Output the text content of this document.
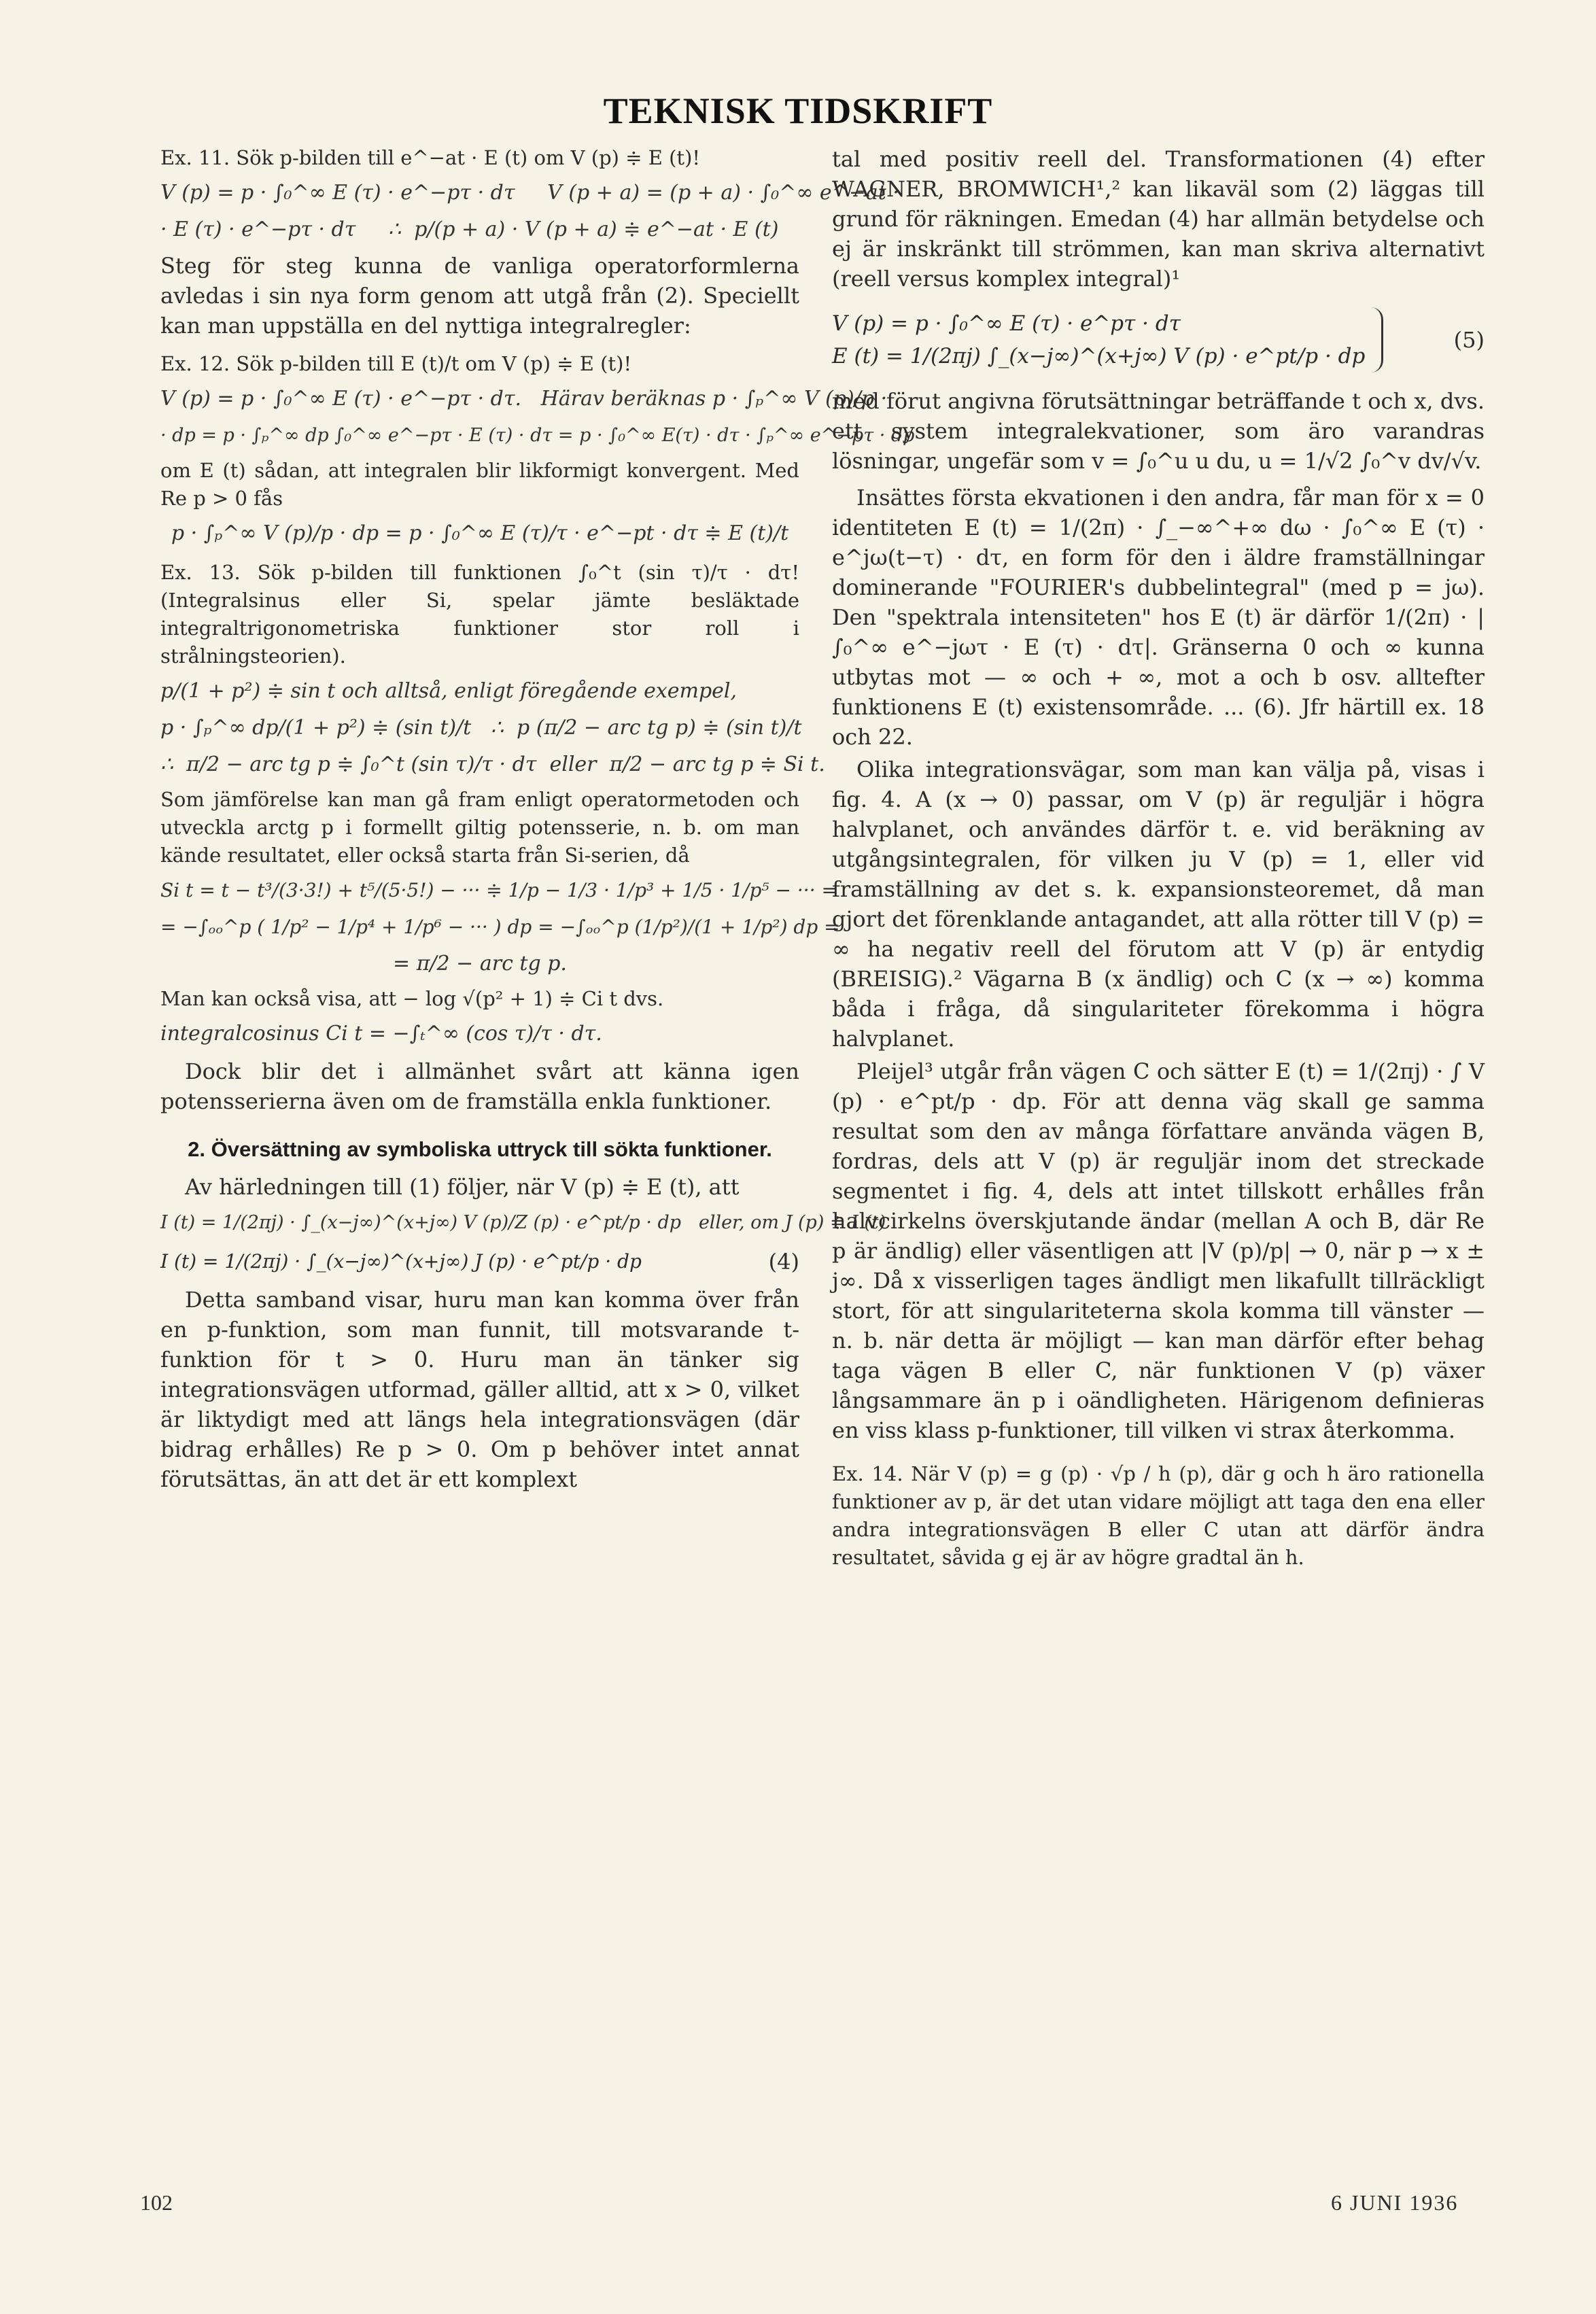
TEKNISK TIDSKRIFT

Ex. 11. Sök p-bilden till e^−at · E (t) om V (p) ≑ E (t)!

V (p) = p · ∫₀^∞ E (τ) · e^−pτ · dτ     V (p + a) = (p + a) · ∫₀^∞ e^−at ·
· E (τ) · e^−pτ · dτ     ∴  p/(p + a) · V (p + a) ≑ e^−at · E (t)

Steg för steg kunna de vanliga operatorformlerna avledas i sin nya form genom att utgå från (2). Speciellt kan man uppställa en del nyttiga integralregler:

Ex. 12. Sök p-bilden till E (t)/t om V (p) ≑ E (t)!

V (p) = p · ∫₀^∞ E (τ) · e^−pτ · dτ.   Härav beräknas p · ∫ₚ^∞ V (p)/p ·
· dp = p · ∫ₚ^∞ dp ∫₀^∞ e^−pτ · E (τ) · dτ = p · ∫₀^∞ E(τ) · dτ · ∫ₚ^∞ e^−pτ · dp

om E (t) sådan, att integralen blir likformigt konvergent. Med Re p > 0 fås

p · ∫ₚ^∞ V (p)/p · dp = p · ∫₀^∞ E (τ)/τ · e^−pt · dτ ≑ E (t)/t

Ex. 13. Sök p-bilden till funktionen ∫₀^t (sin τ)/τ · dτ! (Integralsinus eller Si, spelar jämte besläktade integraltrigonometriska funktioner stor roll i strålningsteorien).

p/(1 + p²) ≑ sin t och alltså, enligt föregående exempel,
p · ∫ₚ^∞ dp/(1 + p²) ≑ (sin t)/t   ∴  p (π/2 − arc tg p) ≑ (sin t)/t
∴  π/2 − arc tg p ≑ ∫₀^t (sin τ)/τ · dτ  eller  π/2 − arc tg p ≑ Si t.

Som jämförelse kan man gå fram enligt operatormetoden och utveckla arctg p i formellt giltig potensserie, n. b. om man kände resultatet, eller också starta från Si-serien, då

Si t = t − t³/(3·3!) + t⁵/(5·5!) − ··· ≑ 1/p − 1/3 · 1/p³ + 1/5 · 1/p⁵ − ··· =
= −∫ₒₒ^p ( 1/p² − 1/p⁴ + 1/p⁶ − ··· ) dp = −∫ₒₒ^p (1/p²)/(1 + 1/p²) dp =
= π/2 − arc tg p.

Man kan också visa, att − log √(p² + 1) ≑ Ci t dvs.

integralcosinus Ci t = −∫ₜ^∞ (cos τ)/τ · dτ.

Dock blir det i allmänhet svårt att känna igen potensserierna även om de framställa enkla funktioner.

2. Översättning av symboliska uttryck till sökta funktioner.

Av härledningen till (1) följer, när V (p) ≑ E (t), att

I (t) = 1/(2πj) · ∫_(x−j∞)^(x+j∞) V (p)/Z (p) · e^pt/p · dp   eller, om J (p) ≑ I (t)
I (t) = 1/(2πj) · ∫_(x−j∞)^(x+j∞) J (p) · e^pt/p · dp	(4)

Detta samband visar, huru man kan komma över från en p-funktion, som man funnit, till motsvarande t-funktion för t > 0. Huru man än tänker sig integrationsvägen utformad, gäller alltid, att x > 0, vilket är liktydigt med att längs hela integrationsvägen (där bidrag erhålles) Re p > 0. Om p behöver intet annat förutsättas, än att det är ett komplext

tal med positiv reell del. Transformationen (4) efter WAGNER, BROMWICH¹,² kan likaväl som (2) läggas till grund för räkningen. Emedan (4) har allmän betydelse och ej är inskränkt till strömmen, kan man skriva alternativt (reell versus komplex integral)¹

V (p) = p · ∫₀^∞ E (τ) · e^pτ · dτ
E (t) = 1/(2πj) ∫_(x−j∞)^(x+j∞) V (p) · e^pt/p · dp
(5)

med förut angivna förutsättningar beträffande t och x, dvs. ett system integralekvationer, som äro varandras lösningar, ungefär som v = ∫₀^u u du, u = 1/√2 ∫₀^v dv/√v.

Insättes första ekvationen i den andra, får man för x = 0 identiteten E (t) = 1/(2π) · ∫_−∞^+∞ dω · ∫₀^∞ E (τ) · e^jω(t−τ) · dτ, en form för den i äldre framställningar dominerande "FOURIER's dubbelintegral" (med p = jω). Den "spektrala intensiteten" hos E (t) är därför 1/(2π) · |∫₀^∞ e^−jωτ · E (τ) · dτ|. Gränserna 0 och ∞ kunna utbytas mot — ∞ och + ∞, mot a och b osv. alltefter funktionens E (t) existensområde. ... (6). Jfr härtill ex. 18 och 22.

Olika integrationsvägar, som man kan välja på, visas i fig. 4. A (x → 0) passar, om V (p) är reguljär i högra halvplanet, och användes därför t. e. vid beräkning av utgångsintegralen, för vilken ju V (p) = 1, eller vid framställning av det s. k. expansionsteoremet, då man gjort det förenklande antagandet, att alla rötter till V (p) = ∞ ha negativ reell del förutom att V (p) är entydig (BREISIG).² Vägarna B (x ändlig) och C (x → ∞) komma båda i fråga, då singulariteter förekomma i högra halvplanet.

Pleijel³ utgår från vägen C och sätter E (t) = 1/(2πj) · ∫ V (p) · e^pt/p · dp. För att denna väg skall ge samma resultat som den av många författare använda vägen B, fordras, dels att V (p) är reguljär inom det streckade segmentet i fig. 4, dels att intet tillskott erhålles från halvcirkelns överskjutande ändar (mellan A och B, där Re p är ändlig) eller väsentligen att |V (p)/p| → 0, när p → x ± j∞. Då x visserligen tages ändligt men likafullt tillräckligt stort, för att singulariteterna skola komma till vänster — n. b. när detta är möjligt — kan man därför efter behag taga vägen B eller C, när funktionen V (p) växer långsammare än p i oändligheten. Härigenom definieras en viss klass p-funktioner, till vilken vi strax återkomma.

Ex. 14. När V (p) = g (p) · √p / h (p), där g och h äro rationella funktioner av p, är det utan vidare möjligt att taga den ena eller andra integrationsvägen B eller C utan att därför ändra resultatet, såvida g ej är av högre gradtal än h.

102	6 JUNI 1936
